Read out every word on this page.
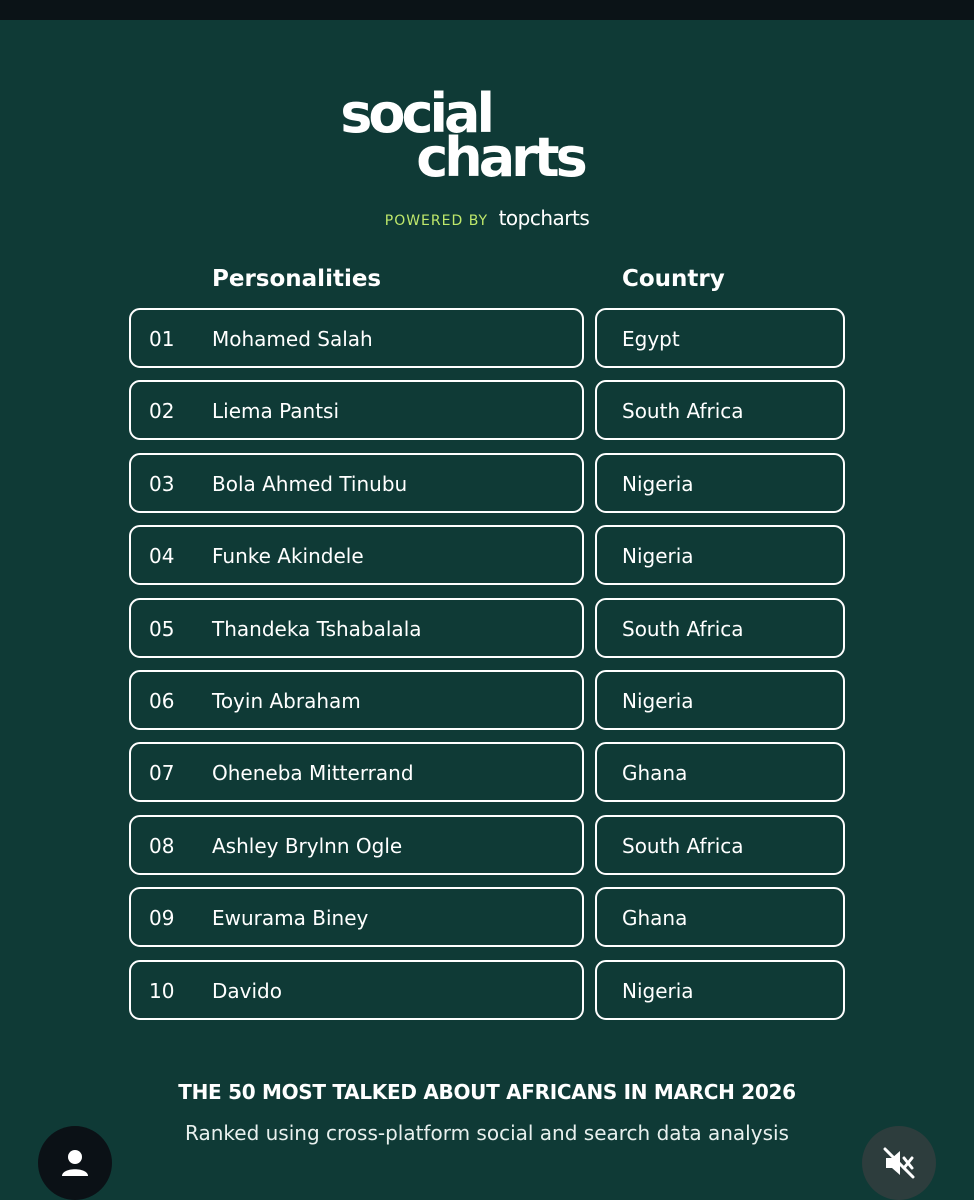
social
charts
POWERED BY topcharts
Personalities	Country
01 Mohamed Salah	Egypt
02 Liema Pantsi	South Africa
03 Bola Ahmed Tinubu	Nigeria
04 Funke Akindele	Nigeria
05 Thandeka Tshabalala	South Africa
06 Toyin Abraham	Nigeria
07 Oheneba Mitterrand	Ghana
08 Ashley Brylnn Ogle	South Africa
09 Ewurama Biney	Ghana
10 Davido	Nigeria
THE 50 MOST TALKED ABOUT AFRICANS IN MARCH 2026
Ranked using cross-platform social and search data analysis
